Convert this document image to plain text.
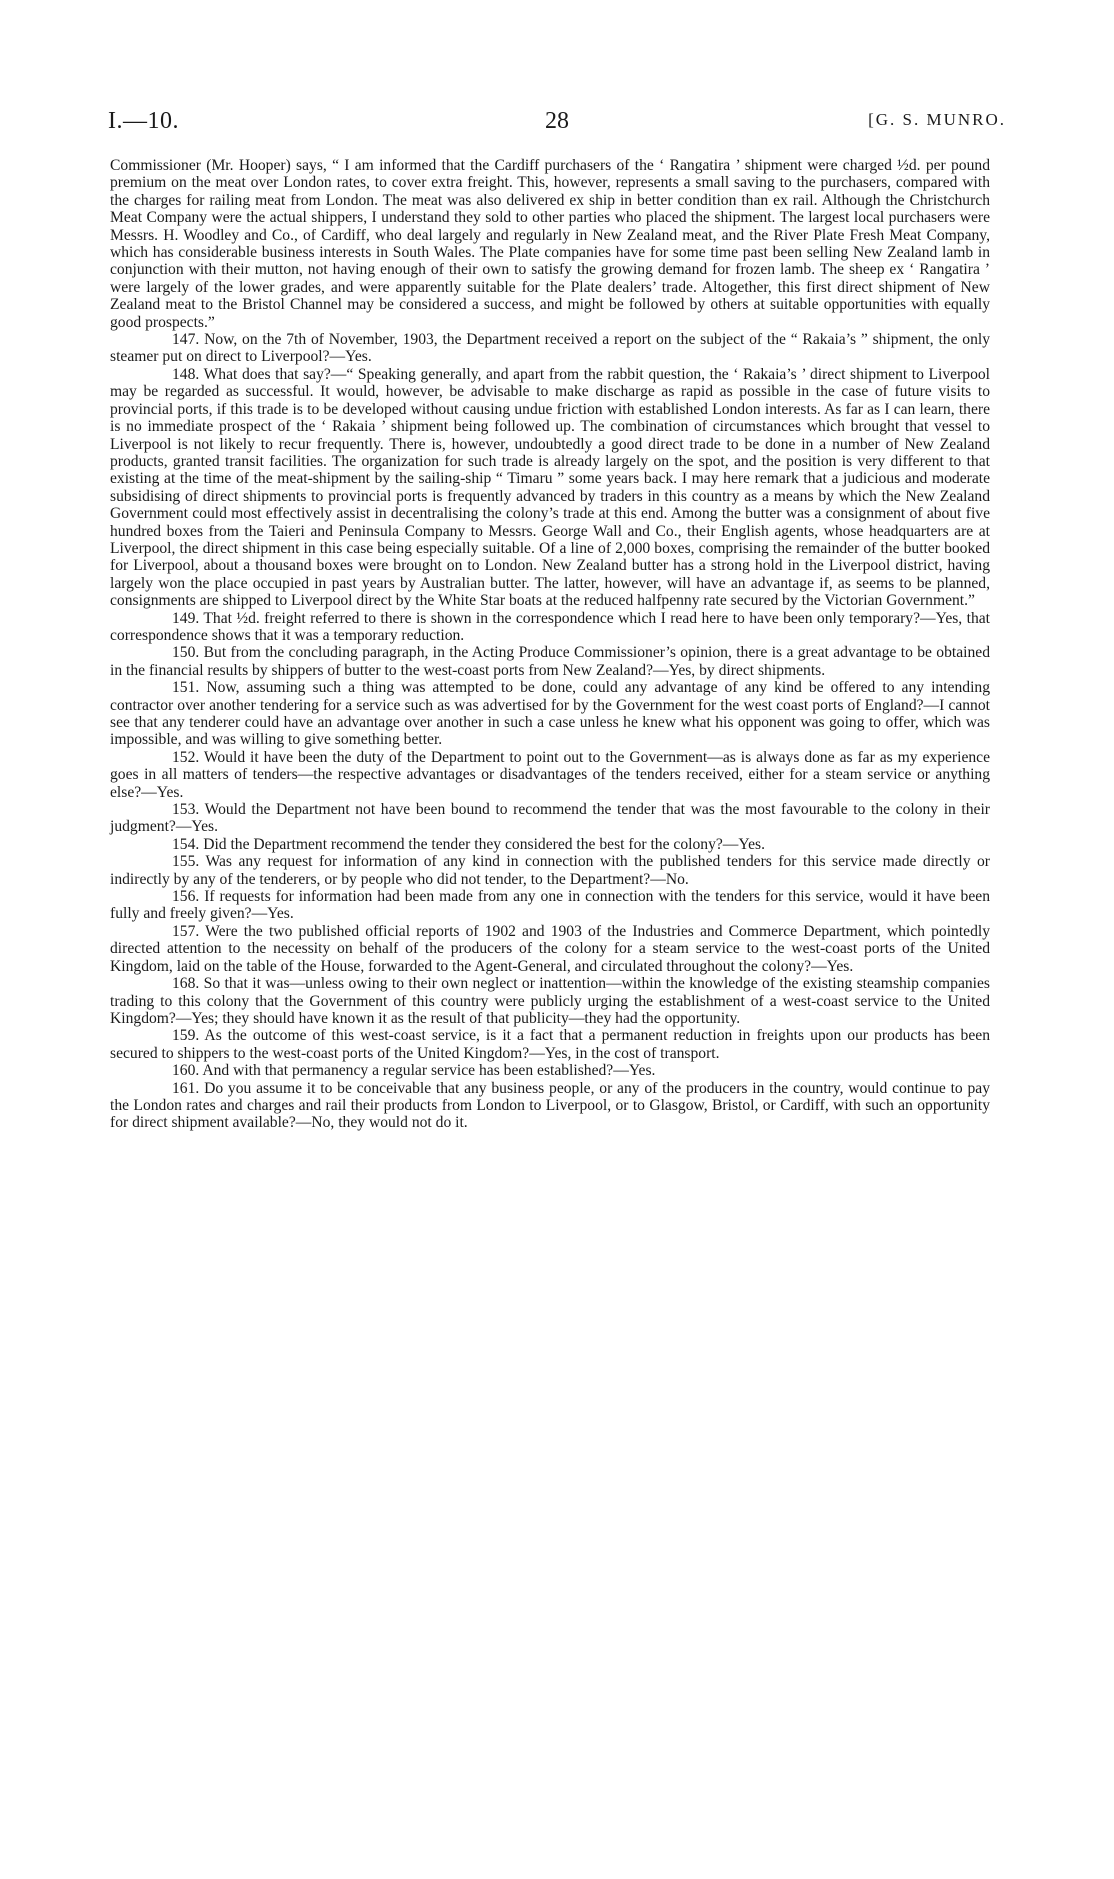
I.—10.	28	[G. S. MUNRO.

Commissioner (Mr. Hooper) says, “ I am informed that the Cardiff purchasers of the ‘ Rangatira ’ shipment were charged ½d. per pound premium on the meat over London rates, to cover extra freight. This, however, represents a small saving to the purchasers, compared with the charges for railing meat from London. The meat was also delivered ex ship in better condition than ex rail. Although the Christchurch Meat Company were the actual shippers, I understand they sold to other parties who placed the shipment. The largest local purchasers were Messrs. H. Woodley and Co., of Cardiff, who deal largely and regularly in New Zealand meat, and the River Plate Fresh Meat Company, which has considerable business interests in South Wales. The Plate companies have for some time past been selling New Zealand lamb in conjunction with their mutton, not having enough of their own to satisfy the growing demand for frozen lamb. The sheep ex ‘ Rangatira ’ were largely of the lower grades, and were apparently suitable for the Plate dealers’ trade. Altogether, this first direct shipment of New Zealand meat to the Bristol Channel may be considered a success, and might be followed by others at suitable opportunities with equally good prospects.”

147. Now, on the 7th of November, 1903, the Department received a report on the subject of the “ Rakaia’s ” shipment, the only steamer put on direct to Liverpool?—Yes.

148. What does that say?—“ Speaking generally, and apart from the rabbit question, the ‘ Rakaia’s ’ direct shipment to Liverpool may be regarded as successful. It would, however, be advisable to make discharge as rapid as possible in the case of future visits to provincial ports, if this trade is to be developed without causing undue friction with established London interests. As far as I can learn, there is no immediate prospect of the ‘ Rakaia ’ shipment being followed up. The combination of circumstances which brought that vessel to Liverpool is not likely to recur frequently. There is, however, undoubtedly a good direct trade to be done in a number of New Zealand products, granted transit facilities. The organization for such trade is already largely on the spot, and the position is very different to that existing at the time of the meat-shipment by the sailing-ship “ Timaru ” some years back. I may here remark that a judicious and moderate subsidising of direct shipments to provincial ports is frequently advanced by traders in this country as a means by which the New Zealand Government could most effectively assist in decentralising the colony’s trade at this end. Among the butter was a consignment of about five hundred boxes from the Taieri and Peninsula Company to Messrs. George Wall and Co., their English agents, whose headquarters are at Liverpool, the direct shipment in this case being especially suitable. Of a line of 2,000 boxes, comprising the remainder of the butter booked for Liverpool, about a thousand boxes were brought on to London. New Zealand butter has a strong hold in the Liverpool district, having largely won the place occupied in past years by Australian butter. The latter, however, will have an advantage if, as seems to be planned, consignments are shipped to Liverpool direct by the White Star boats at the reduced halfpenny rate secured by the Victorian Government.”

149. That ½d. freight referred to there is shown in the correspondence which I read here to have been only temporary?—Yes, that correspondence shows that it was a temporary reduction.

150. But from the concluding paragraph, in the Acting Produce Commissioner’s opinion, there is a great advantage to be obtained in the financial results by shippers of butter to the west-coast ports from New Zealand?—Yes, by direct shipments.

151. Now, assuming such a thing was attempted to be done, could any advantage of any kind be offered to any intending contractor over another tendering for a service such as was advertised for by the Government for the west coast ports of England?—I cannot see that any tenderer could have an advantage over another in such a case unless he knew what his opponent was going to offer, which was impossible, and was willing to give something better.

152. Would it have been the duty of the Department to point out to the Government—as is always done as far as my experience goes in all matters of tenders—the respective advantages or disadvantages of the tenders received, either for a steam service or anything else?—Yes.

153. Would the Department not have been bound to recommend the tender that was the most favourable to the colony in their judgment?—Yes.

154. Did the Department recommend the tender they considered the best for the colony?—Yes.

155. Was any request for information of any kind in connection with the published tenders for this service made directly or indirectly by any of the tenderers, or by people who did not tender, to the Department?—No.

156. If requests for information had been made from any one in connection with the tenders for this service, would it have been fully and freely given?—Yes.

157. Were the two published official reports of 1902 and 1903 of the Industries and Commerce Department, which pointedly directed attention to the necessity on behalf of the producers of the colony for a steam service to the west-coast ports of the United Kingdom, laid on the table of the House, forwarded to the Agent-General, and circulated throughout the colony?—Yes.

168. So that it was—unless owing to their own neglect or inattention—within the knowledge of the existing steamship companies trading to this colony that the Government of this country were publicly urging the establishment of a west-coast service to the United Kingdom?—Yes; they should have known it as the result of that publicity—they had the opportunity.

159. As the outcome of this west-coast service, is it a fact that a permanent reduction in freights upon our products has been secured to shippers to the west-coast ports of the United Kingdom?—Yes, in the cost of transport.

160. And with that permanency a regular service has been established?—Yes.

161. Do you assume it to be conceivable that any business people, or any of the producers in the country, would continue to pay the London rates and charges and rail their products from London to Liverpool, or to Glasgow, Bristol, or Cardiff, with such an opportunity for direct shipment available?—No, they would not do it.
